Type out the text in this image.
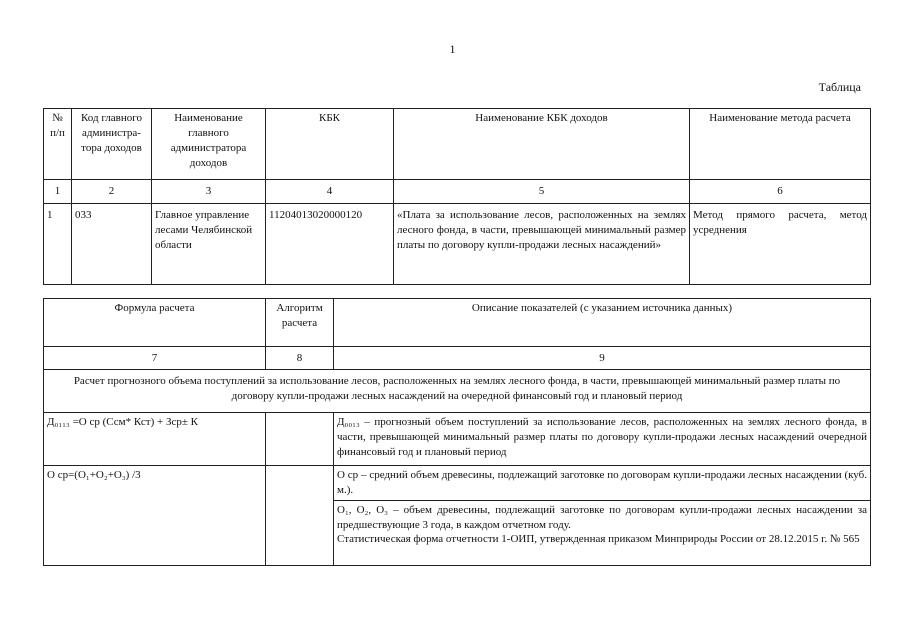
1
Таблица
№ п/п	Код главного администра-тора доходов	Наименование главного администратора доходов	КБК	Наименование КБК доходов	Наименование метода расчета
1	2	3	4	5	6
1	033	Главное управление лесами Челябинской области	11204013020000120	«Плата за использование лесов, расположенных на землях лесного фонда, в части, превышающей минимальный размер платы по договору купли-продажи лесных насаждений»	Метод прямого расчета, метод усреднения
Формула расчета	Алгоритм расчета	Описание показателей (с указанием источника данных)
7	8	9
Расчет прогнозного объема поступлений за использование лесов, расположенных на землях лесного фонда, в части, превышающей минимальный размер платы по договору купли-продажи лесных насаждений на очередной финансовый год и плановый период		
Д₀₁₁₃ =О ср (Ссм* Кст) + Зср± К		Д₀₀₁₃ – прогнозный объем поступлений за использование лесов, расположенных на землях лесного фонда, в части, превышающей минимальный размер платы по договору купли-продажи лесных насаждений очередной финансовый год и плановый период
О ср=(О₁+О₂+О₃) /3		О ср – средний объем древесины, подлежащий заготовке по договорам купли-продажи лесных насаждении (куб. м.).

		О₁, О₂, О₃ – объем древесины, подлежащий заготовке по договорам купли-продажи лесных насаждении за предшествующие 3 года, в каждом отчетном году.
Статистическая форма отчетности 1-ОИП, утвержденная приказом Минприроды России от 28.12.2015 г. № 565
